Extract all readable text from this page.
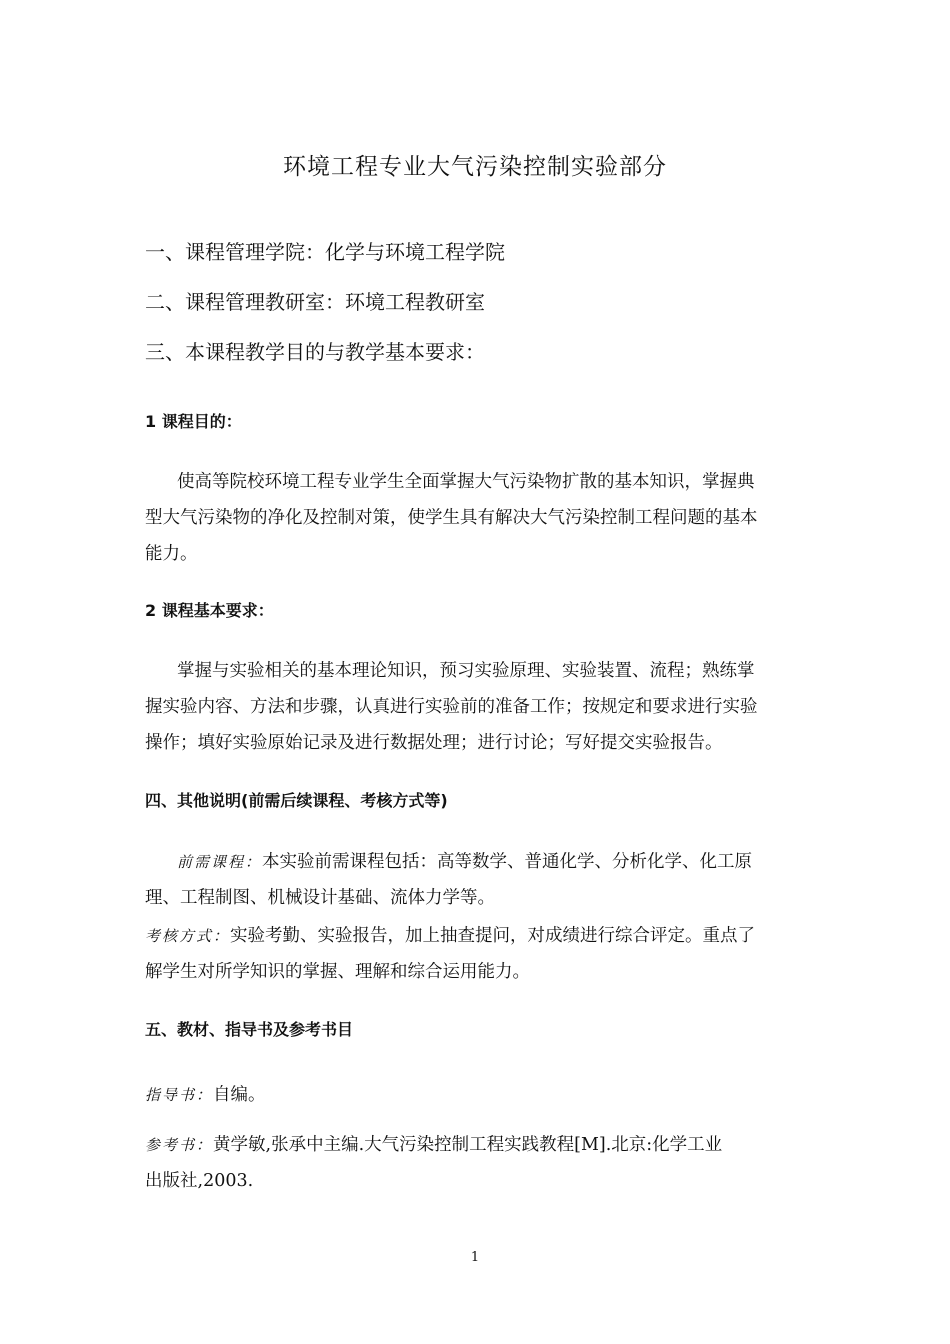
环境工程专业大气污染控制实验部分

一、课程管理学院：化学与环境工程学院

二、课程管理教研室：环境工程教研室

三、本课程教学目的与教学基本要求：

1 课程目的：

使高等院校环境工程专业学生全面掌握大气污染物扩散的基本知识，掌握典
型大气污染物的净化及控制对策，使学生具有解决大气污染控制工程问题的基本
能力。

2 课程基本要求：

掌握与实验相关的基本理论知识，预习实验原理、实验装置、流程；熟练掌
握实验内容、方法和步骤，认真进行实验前的准备工作；按规定和要求进行实验
操作；填好实验原始记录及进行数据处理；进行讨论；写好提交实验报告。

四、其他说明(前需后续课程、考核方式等)

前需课程：本实验前需课程包括：高等数学、普通化学、分析化学、化工原
理、工程制图、机械设计基础、流体力学等。
考核方式：实验考勤、实验报告，加上抽查提问，对成绩进行综合评定。重点了
解学生对所学知识的掌握、理解和综合运用能力。

五、教材、指导书及参考书目

指导书：自编。
参考书：黄学敏,张承中主编.大气污染控制工程实践教程[M].北京:化学工业
出版社,2003.

1
